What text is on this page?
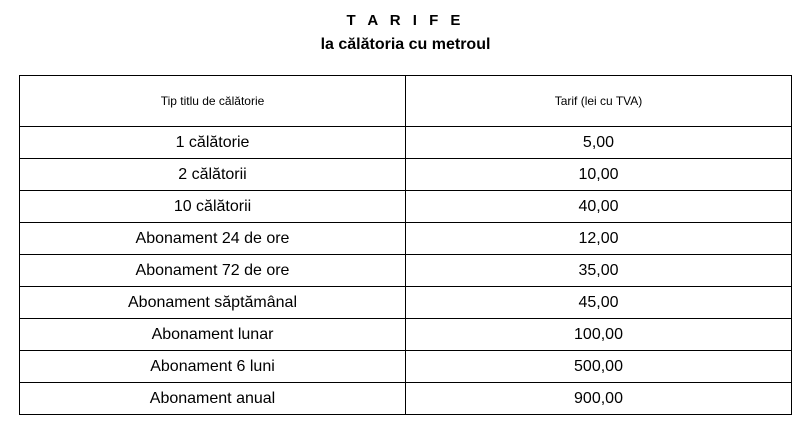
T A R I F E
la călătoria cu metroul
Tip titlu de călătorie	Tarif (lei cu TVA)
1 călătorie	5,00
2 călătorii	10,00
10 călătorii	40,00
Abonament 24 de ore	12,00
Abonament 72 de ore	35,00
Abonament săptămânal	45,00
Abonament lunar	100,00
Abonament 6 luni	500,00
Abonament anual	900,00
